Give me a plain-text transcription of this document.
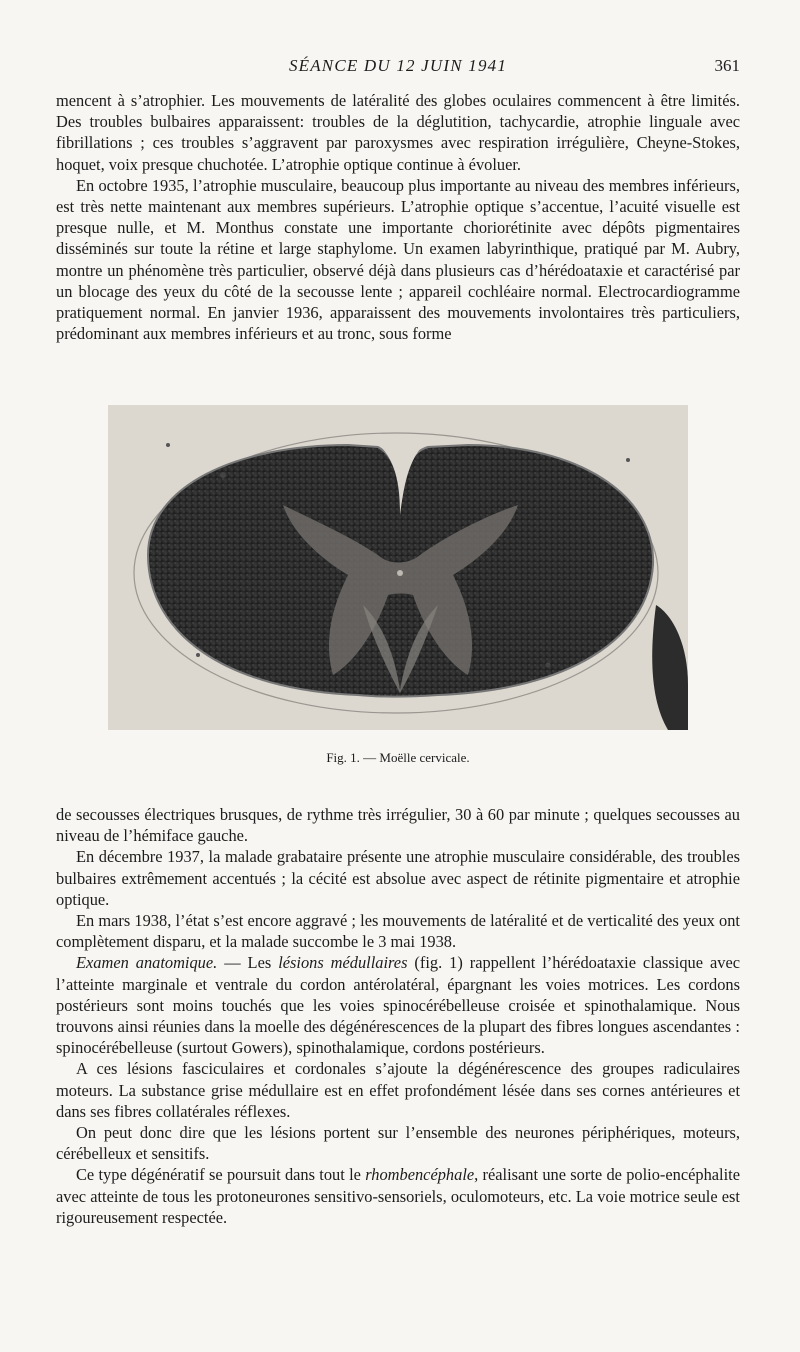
SÉANCE DU 12 JUIN 1941	361

mencent à s’atrophier. Les mouvements de latéralité des globes oculaires commencent à être limités. Des troubles bulbaires apparaissent: troubles de la déglutition, tachycardie, atrophie linguale avec fibrillations ; ces troubles s’aggravent par paroxysmes avec respiration irrégulière, Cheyne-Stokes, hoquet, voix presque chuchotée. L’atrophie optique continue à évoluer.

En octobre 1935, l’atrophie musculaire, beaucoup plus importante au niveau des membres inférieurs, est très nette maintenant aux membres supérieurs. L’atrophie optique s’accentue, l’acuité visuelle est presque nulle, et M. Monthus constate une importante choriorétinite avec dépôts pigmentaires disséminés sur toute la rétine et large staphylome. Un examen labyrinthique, pratiqué par M. Aubry, montre un phénomène très particulier, observé déjà dans plusieurs cas d’hérédoataxie et caractérisé par un blocage des yeux du côté de la secousse lente ; appareil cochléaire normal. Electrocardiogramme pratiquement normal. En janvier 1936, apparaissent des mouvements involontaires très particuliers, prédominant aux membres inférieurs et au tronc, sous forme

Fig. 1. — Moëlle cervicale.

de secousses électriques brusques, de rythme très irrégulier, 30 à 60 par minute ; quelques secousses au niveau de l’hémiface gauche.

En décembre 1937, la malade grabataire présente une atrophie musculaire considérable, des troubles bulbaires extrêmement accentués ; la cécité est absolue avec aspect de rétinite pigmentaire et atrophie optique.

En mars 1938, l’état s’est encore aggravé ; les mouvements de latéralité et de verticalité des yeux ont complètement disparu, et la malade succombe le 3 mai 1938.

Examen anatomique. — Les lésions médullaires (fig. 1) rappellent l’hérédoataxie classique avec l’atteinte marginale et ventrale du cordon antérolatéral, épargnant les voies motrices. Les cordons postérieurs sont moins touchés que les voies spinocérébelleuse croisée et spinothalamique. Nous trouvons ainsi réunies dans la moelle des dégénérescences de la plupart des fibres longues ascendantes : spinocérébelleuse (surtout Gowers), spinothalamique, cordons postérieurs.

A ces lésions fasciculaires et cordonales s’ajoute la dégénérescence des groupes radiculaires moteurs. La substance grise médullaire est en effet profondément lésée dans ses cornes antérieures et dans ses fibres collatérales réflexes.

On peut donc dire que les lésions portent sur l’ensemble des neurones périphériques, moteurs, cérébelleux et sensitifs.

Ce type dégénératif se poursuit dans tout le rhombencéphale, réalisant une sorte de polio-encéphalite avec atteinte de tous les protoneurones sensitivo-sensoriels, oculomoteurs, etc. La voie motrice seule est rigoureusement respectée.
